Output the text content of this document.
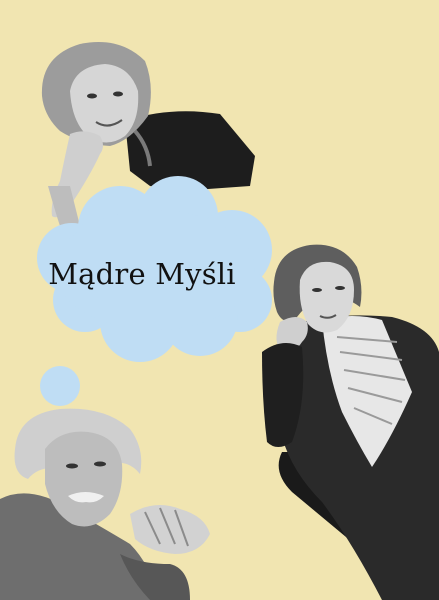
Mądre Myśli
